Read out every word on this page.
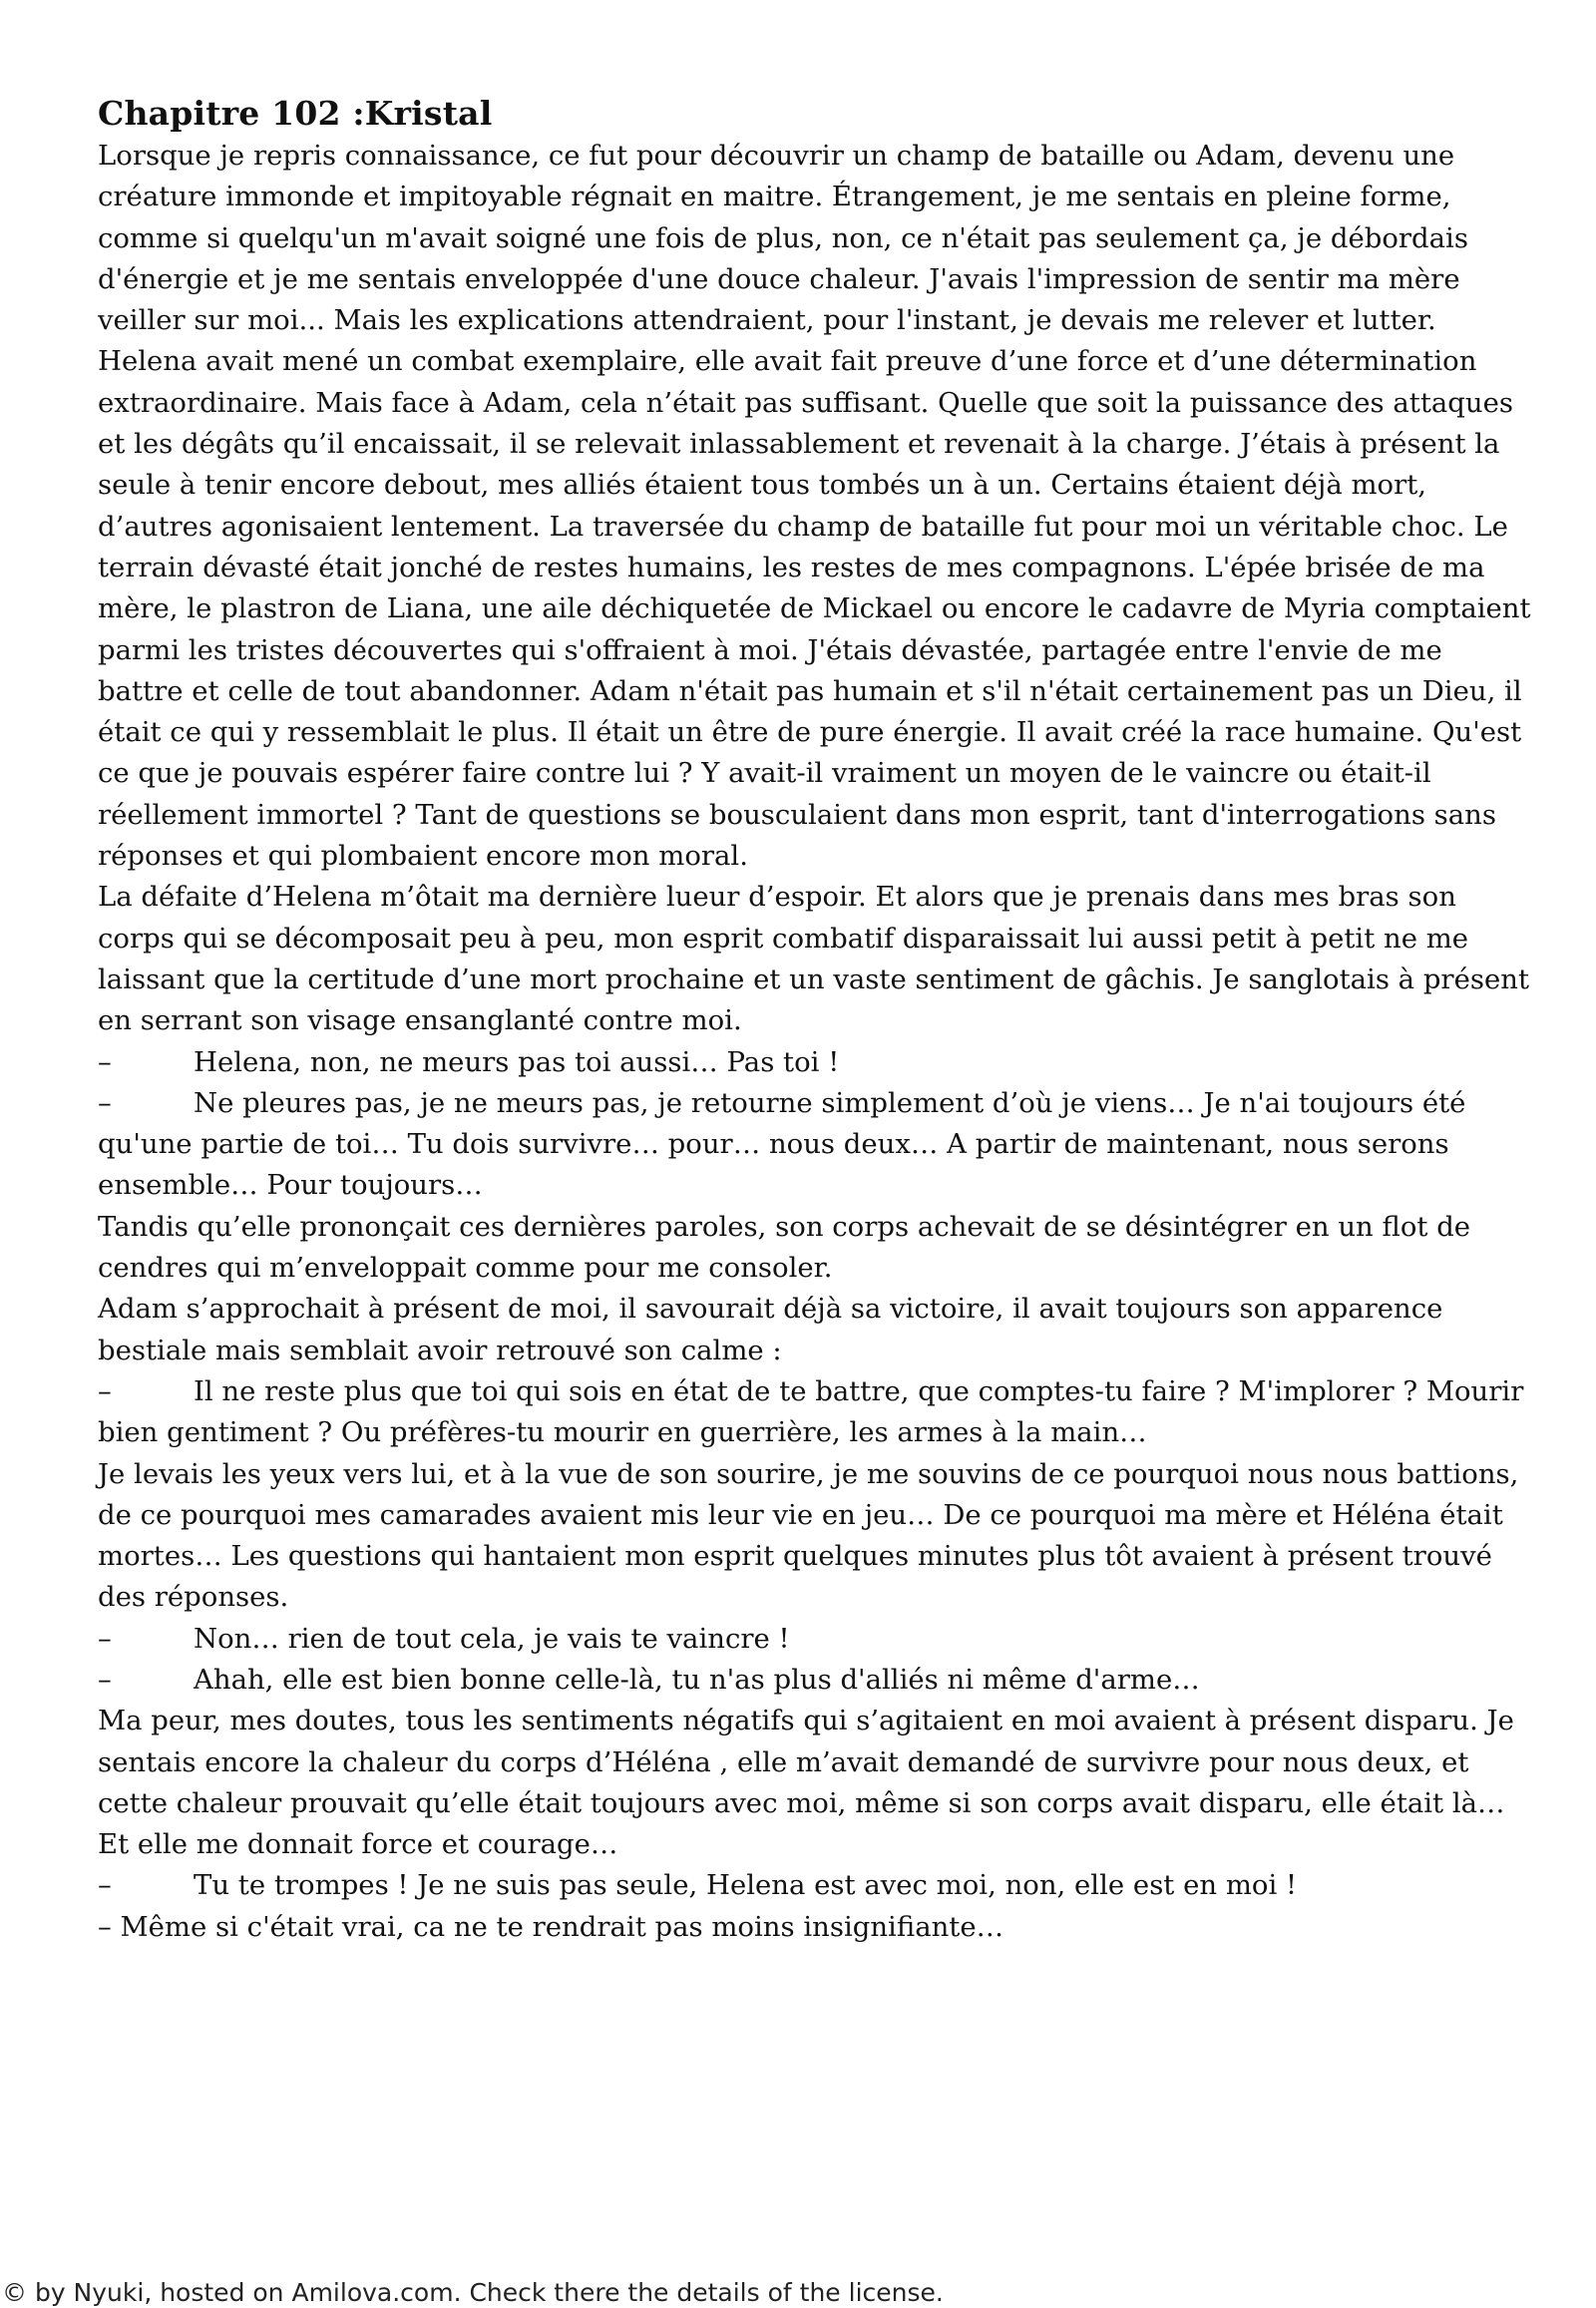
Chapitre 102 :Kristal

Lorsque je repris connaissance, ce fut pour découvrir un champ de bataille ou Adam, devenu une créature immonde et impitoyable régnait en maitre. Étrangement, je me sentais en pleine forme, comme si quelqu'un m'avait soigné une fois de plus, non, ce n'était pas seulement ça, je débordais d'énergie et je me sentais enveloppée d'une douce chaleur. J'avais l'impression de sentir ma mère veiller sur moi... Mais les explications attendraient, pour l'instant, je devais me relever et lutter. Helena avait mené un combat exemplaire, elle avait fait preuve d’une force et d’une détermination extraordinaire. Mais face à Adam, cela n’était pas suffisant. Quelle que soit la puissance des attaques et les dégâts qu’il encaissait, il se relevait inlassablement et revenait à la charge. J’étais à présent la seule à tenir encore debout, mes alliés étaient tous tombés un à un. Certains étaient déjà mort, d’autres agonisaient lentement. La traversée du champ de bataille fut pour moi un véritable choc. Le terrain dévasté était jonché de restes humains, les restes de mes compagnons. L'épée brisée de ma mère, le plastron de Liana, une aile déchiquetée de Mickael ou encore le cadavre de Myria comptaient parmi les tristes découvertes qui s'offraient à moi. J'étais dévastée, partagée entre l'envie de me battre et celle de tout abandonner. Adam n'était pas humain et s'il n'était certainement pas un Dieu, il était ce qui y ressemblait le plus. Il était un être de pure énergie. Il avait créé la race humaine. Qu'est ce que je pouvais espérer faire contre lui ? Y avait-il vraiment un moyen de le vaincre ou était-il réellement immortel ? Tant de questions se bousculaient dans mon esprit, tant d'interrogations sans réponses et qui plombaient encore mon moral.

La défaite d’Helena m’ôtait ma dernière lueur d’espoir. Et alors que je prenais dans mes bras son corps qui se décomposait peu à peu, mon esprit combatif disparaissait lui aussi petit à petit ne me laissant que la certitude d’une mort prochaine et un vaste sentiment de gâchis. Je sanglotais à présent en serrant son visage ensanglanté contre moi.

–	Helena, non, ne meurs pas toi aussi… Pas toi !

–	Ne pleures pas, je ne meurs pas, je retourne simplement d’où je viens… Je n'ai toujours été qu'une partie de toi… Tu dois survivre… pour… nous deux… A partir de maintenant, nous serons ensemble… Pour toujours…

Tandis qu’elle prononçait ces dernières paroles, son corps achevait de se désintégrer en un flot de cendres qui m’enveloppait comme pour me consoler.

Adam s’approchait à présent de moi, il savourait déjà sa victoire, il avait toujours son apparence bestiale mais semblait avoir retrouvé son calme :

–	Il ne reste plus que toi qui sois en état de te battre, que comptes-tu faire ? M'implorer ? Mourir bien gentiment ? Ou préfères-tu mourir en guerrière, les armes à la main…

Je levais les yeux vers lui, et à la vue de son sourire, je me souvins de ce pourquoi nous nous battions, de ce pourquoi mes camarades avaient mis leur vie en jeu… De ce pourquoi ma mère et Héléna était mortes… Les questions qui hantaient mon esprit quelques minutes plus tôt avaient à présent trouvé des réponses.

–	Non… rien de tout cela, je vais te vaincre !

–	Ahah, elle est bien bonne celle-là, tu n'as plus d'alliés ni même d'arme…

Ma peur, mes doutes, tous les sentiments négatifs qui s’agitaient en moi avaient à présent disparu. Je sentais encore la chaleur du corps d’Héléna , elle m’avait demandé de survivre pour nous deux, et cette chaleur prouvait qu’elle était toujours avec moi, même si son corps avait disparu, elle était là… Et elle me donnait force et courage…

–	Tu te trompes ! Je ne suis pas seule, Helena est avec moi, non, elle est en moi !

– Même si c'était vrai, ca ne te rendrait pas moins insignifiante…

© by Nyuki, hosted on Amilova.com. Check there the details of the license.
